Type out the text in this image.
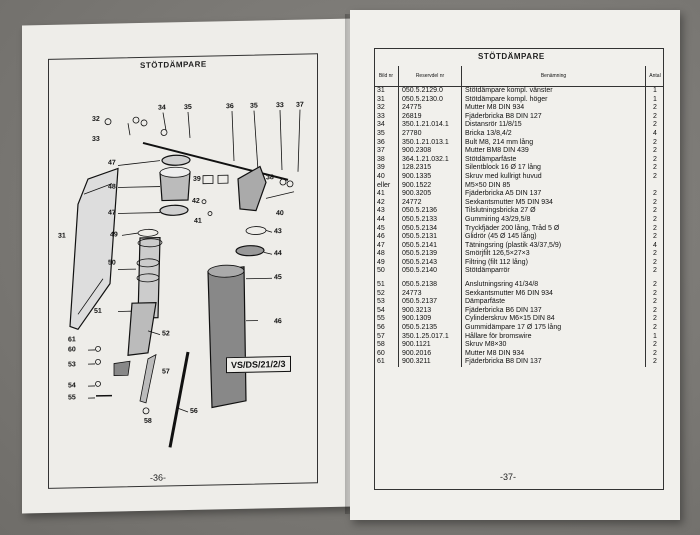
STÖTDÄMPARE
32
33
34	35	36 35	33 37
47
48
39	38
47
42
40
41
49	43
31
44
50
45
51
52
46
61
60
53
57
54
55
58
56
VS/DS/21/2/3
-36-
STÖTDÄMPARE
Bild nr	Reservdel nr	Benämning	Antal
31	050.5.2129.0	Stötdämpare kompl. vänster	1
31	050.5.2130.0	Stötdämpare kompl. höger	1
32	24775	Mutter M8 DIN 934	2
33	26819	Fjäderbricka B8 DIN 127	2
34	350.1.21.014.1	Distansrör 11/8/15	2
35	27780	Bricka 13/8,4/2	4
36	350.1.21.013.1	Bult M8, 214 mm lång	2
37	900.2308	Mutter BM8 DIN 439	2
38	364.1.21.032.1	Stötdämparfäste	2
39	128.2315	Silentblock 16 Ø 17 lång	2
40	900.1335	Skruv med kullrigt huvud	2
eller	900.1522	M5×50 DIN 85	
41	900.3205	Fjäderbricka A5 DIN 137	2
42	24772	Sexkantsmutter M5 DIN 934	2
43	050.5.2136	Tilslutningsbricka 27 Ø	2
44	050.5.2133	Gummiring 43/29,5/8	2
45	050.5.2134	Tryckfjäder 200 lång, Tråd 5 Ø	2
46	050.5.2131	Glidrör (45 Ø 145 lång)	2
47	050.5.2141	Tätningsring (plastik 43/37,5/9)	4
48	050.5.2139	Smörjfilt 126,5×27×3	2
49	050.5.2143	Filtring (filt 112 lång)	2
50	050.5.2140	Stötdämparrör	2

51	050.5.2138	Anslutningsring 41/34/8	2
52	24773	Sexkantsmutter M6 DIN 934	2
53	050.5.2137	Dämparfäste	2
54	900.3213	Fjäderbricka B6 DIN 137	2
55	900.1309	Cylinderskruv M6×15 DIN 84	2
56	050.5.2135	Gummidämpare 17 Ø 175 lång	2
57	350.1.25.017.1	Hållare för bromswire	1
58	900.1121	Skruv M8×30	2
60	900.2016	Mutter M8 DIN 934	2
61	900.3211	Fjäderbricka B8 DIN 137	2
-37-
